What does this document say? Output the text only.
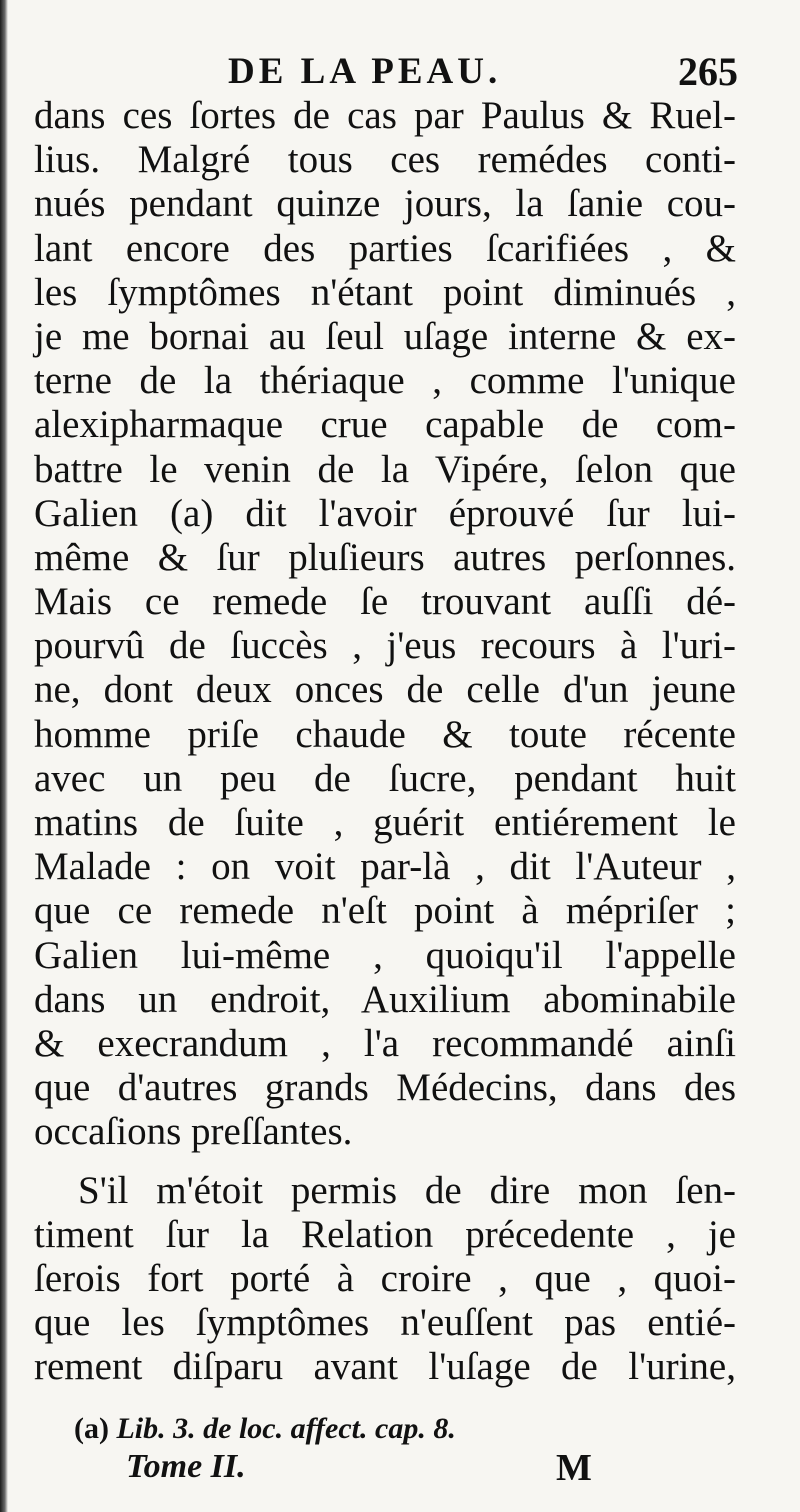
DE LA PEAU.	265
dans ces ſortes de cas par Paulus & Ruel-
lius. Malgré tous ces remédes conti-
nués pendant quinze jours, la ſanie cou-
lant encore des parties ſcarifiées , &
les ſymptômes n'étant point diminués ,
je me bornai au ſeul uſage interne & ex-
terne de la thériaque , comme l'unique
alexipharmaque crue capable de com-
battre le venin de la Vipére, ſelon que
Galien (a) dit l'avoir éprouvé ſur lui-
même & ſur pluſieurs autres perſonnes.
Mais ce remede ſe trouvant auſſi dé-
pourvû de ſuccès , j'eus recours à l'uri-
ne, dont deux onces de celle d'un jeune
homme priſe chaude & toute récente
avec un peu de ſucre, pendant huit
matins de ſuite , guérit entiérement le
Malade : on voit par-là , dit l'Auteur ,
que ce remede n'eſt point à mépriſer ;
Galien lui-même , quoiqu'il l'appelle
dans un endroit, Auxilium abominabile
& execrandum , l'a recommandé ainſi
que d'autres grands Médecins, dans des
occaſions preſſantes.
S'il m'étoit permis de dire mon ſen-
timent ſur la Relation précedente , je
ſerois fort porté à croire , que , quoi-
que les ſymptômes n'euſſent pas entié-
rement diſparu avant l'uſage de l'urine,
(a) Lib. 3. de loc. affect. cap. 8.
Tome II.	M
